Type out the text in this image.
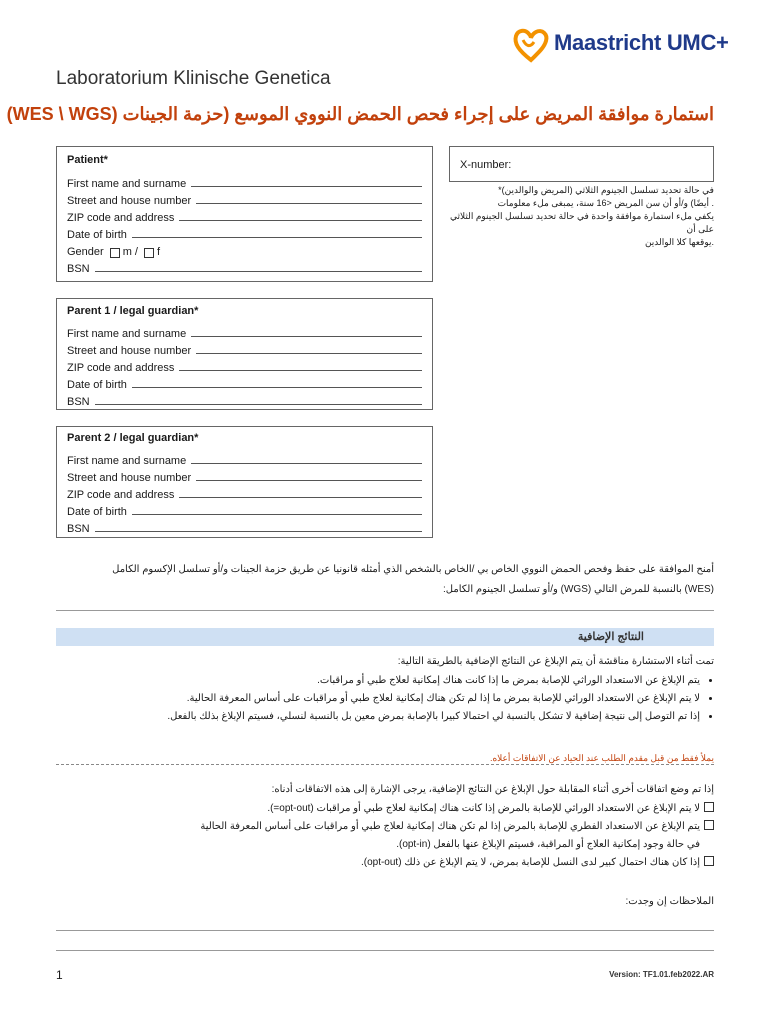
Maastricht UMC+
Laboratorium Klinische Genetica
استمارة موافقة المريض على إجراء فحص الحمض النووي الموسع (حزمة الجينات (WES \ WGS)
Patient*
First name and surname
Street and house number
ZIP code and address
Date of birth
Gender m / f
BSN
X-number:
في حالة تحديد تسلسل الجينوم الثلاثي (المريض والوالدين)*
. أيضًا) و/أو أن سن المريض <16 سنة، يمبغى ملء معلومات
يكفي ملء استمارة موافقة واحدة في حالة تحديد تسلسل الجينوم الثلاثي على أن
.يوقعها كلا الوالدين
Parent 1 / legal guardian*
First name and surname
Street and house number
ZIP code and address
Date of birth
BSN
Parent 2 / legal guardian*
First name and surname
Street and house number
ZIP code and address
Date of birth
BSN
أمنح الموافقة على حفظ وفحص الحمض النووي الخاص بي /الخاص بالشخص الذي أمثله قانونيا عن طريق حزمة الجينات و/أو تسلسل الإكسوم الكامل
(WES) بالنسبة للمرض التالي (WGS) و/أو تسلسل الجينوم الكامل:
النتائج الإضافية
تمت أثناء الاستشارة مناقشة أن يتم الإبلاغ عن النتائج الإضافية بالطريقة التالية:
• يتم الإبلاغ عن الاستعداد الوراثي للإصابة بمرض ما إذا كانت هناك إمكانية لعلاج طبي أو مراقبات.
• لا يتم الإبلاغ عن الاستعداد الوراثي للإصابة بمرض ما إذا لم تكن هناك إمكانية لعلاج طبي أو مراقبات على أساس المعرفة الحالية.
• إذا تم التوصل إلى نتيجة إضافية لا تشكل بالنسبة لي احتمالا كبيرا بالإصابة بمرض معين بل بالنسبة لنسلي، فسيتم الإبلاغ بذلك بالفعل.
يملأ فقط من قبل مقدم الطلب عند الحياد عن الاتفاقات أعلاه.
إذا تم وضع اتفاقات أخرى أثناء المقابلة حول الإبلاغ عن النتائج الإضافية، يرجى الإشارة إلى هذه الاتفاقات أدناه:
لا يتم الإبلاغ عن الاستعداد الوراثي للإصابة بالمرض إذا كانت هناك إمكانية لعلاج طبي أو مراقبات (opt-out=).
يتم الإبلاغ عن الاستعداد الفطري للإصابة بالمرض إذا لم تكن هناك إمكانية لعلاج طبي أو مراقبات على أساس المعرفة الحالية
في حالة وجود إمكانية العلاج أو المراقبة، فسيتم الإبلاغ عنها بالفعل (opt-in).
إذا كان هناك احتمال كبير لدى النسل للإصابة بمرض، لا يتم الإبلاغ عن ذلك (opt-out).
الملاحظات إن وجدت:
1	Version: TF1.01.feb2022.AR
